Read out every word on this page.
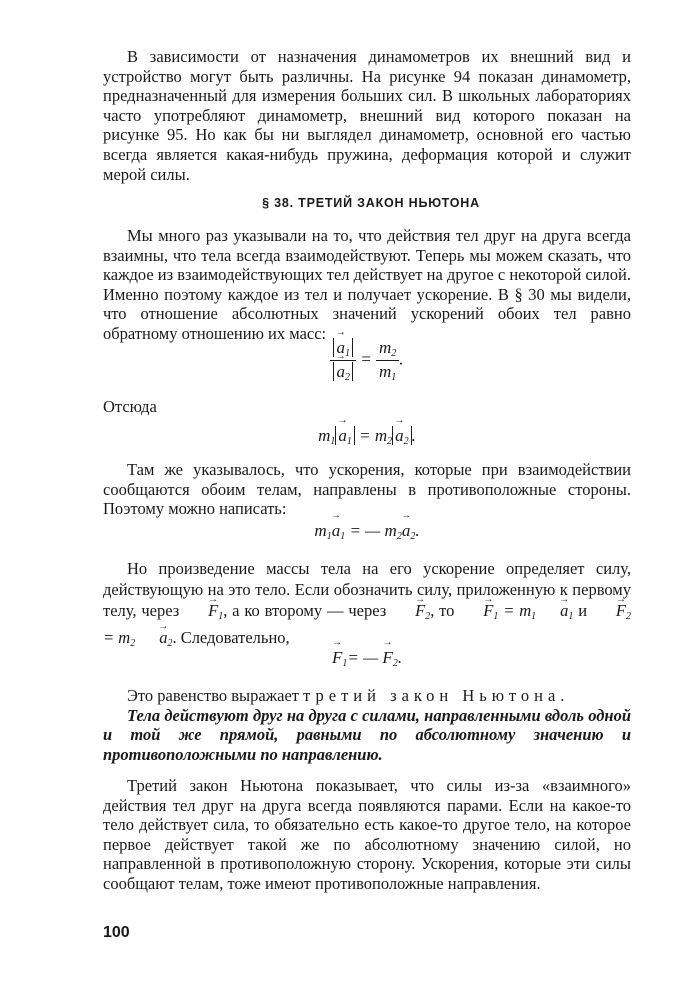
В зависимости от назначения динамометров их внешний вид и устройство могут быть различны. На рисунке 94 показан динамометр, предназначенный для измерения больших сил. В школьных лабораториях часто употребляют динамометр, внешний вид которого показан на рисунке 95. Но как бы ни выглядел динамометр, основной его частью всегда является какая-нибудь пружина, деформация которой и служит мерой силы.

§ 38. ТРЕТИЙ ЗАКОН НЬЮТОНА

Мы много раз указывали на то, что действия тел друг на друга всегда взаимны, что тела всегда взаимодействуют. Теперь мы можем сказать, что каждое из взаимодействующих тел действует на другое с некоторой силой. Именно поэтому каждое из тел и получает ускорение. В § 30 мы видели, что отношение абсолютных значений ускорений обоих тел равно обратному отношению их масс:

→ $a_1$
→ $a_2 = \frac{m_2}{m_1}$ .
Отсюда
$m_1 \to a_1 = m_2 \to a_2$ .

Там же указывалось, что ускорения, которые при взаимодействии сообщаются обоим телам, направлены в противоположные стороны. Поэтому можно написать:

$m_1\to a_1$ = — $m_2\to a_2$.

Но произведение массы тела на его ускорение определяет силу, действующую на это тело. Если обозначить силу, приложенную к первому телу, через → $F_1$, а ко второму — через → $F_2$, то → $F_1 = m_1 \to a_1$ $и \to F_2 = m_2 \to a_2$. Следовательно,

→ $F_1=$ — → $F_2$.

Это равенство выражает третий закон Ньютона.

Тела действуют друг на друга с силами, направленными вдоль одной и той же прямой, равными по абсолютному значению и противоположными по направлению.

Третий закон Ньютона показывает, что силы из-за «взаимного» действия тел друг на друга всегда появляются парами. Если на какое-то тело действует сила, то обязательно есть какое-то другое тело, на которое первое действует такой же по абсолютному значению силой, но направленной в противоположную сторону. Ускорения, которые эти силы сообщают телам, тоже имеют противоположные направления.

100
